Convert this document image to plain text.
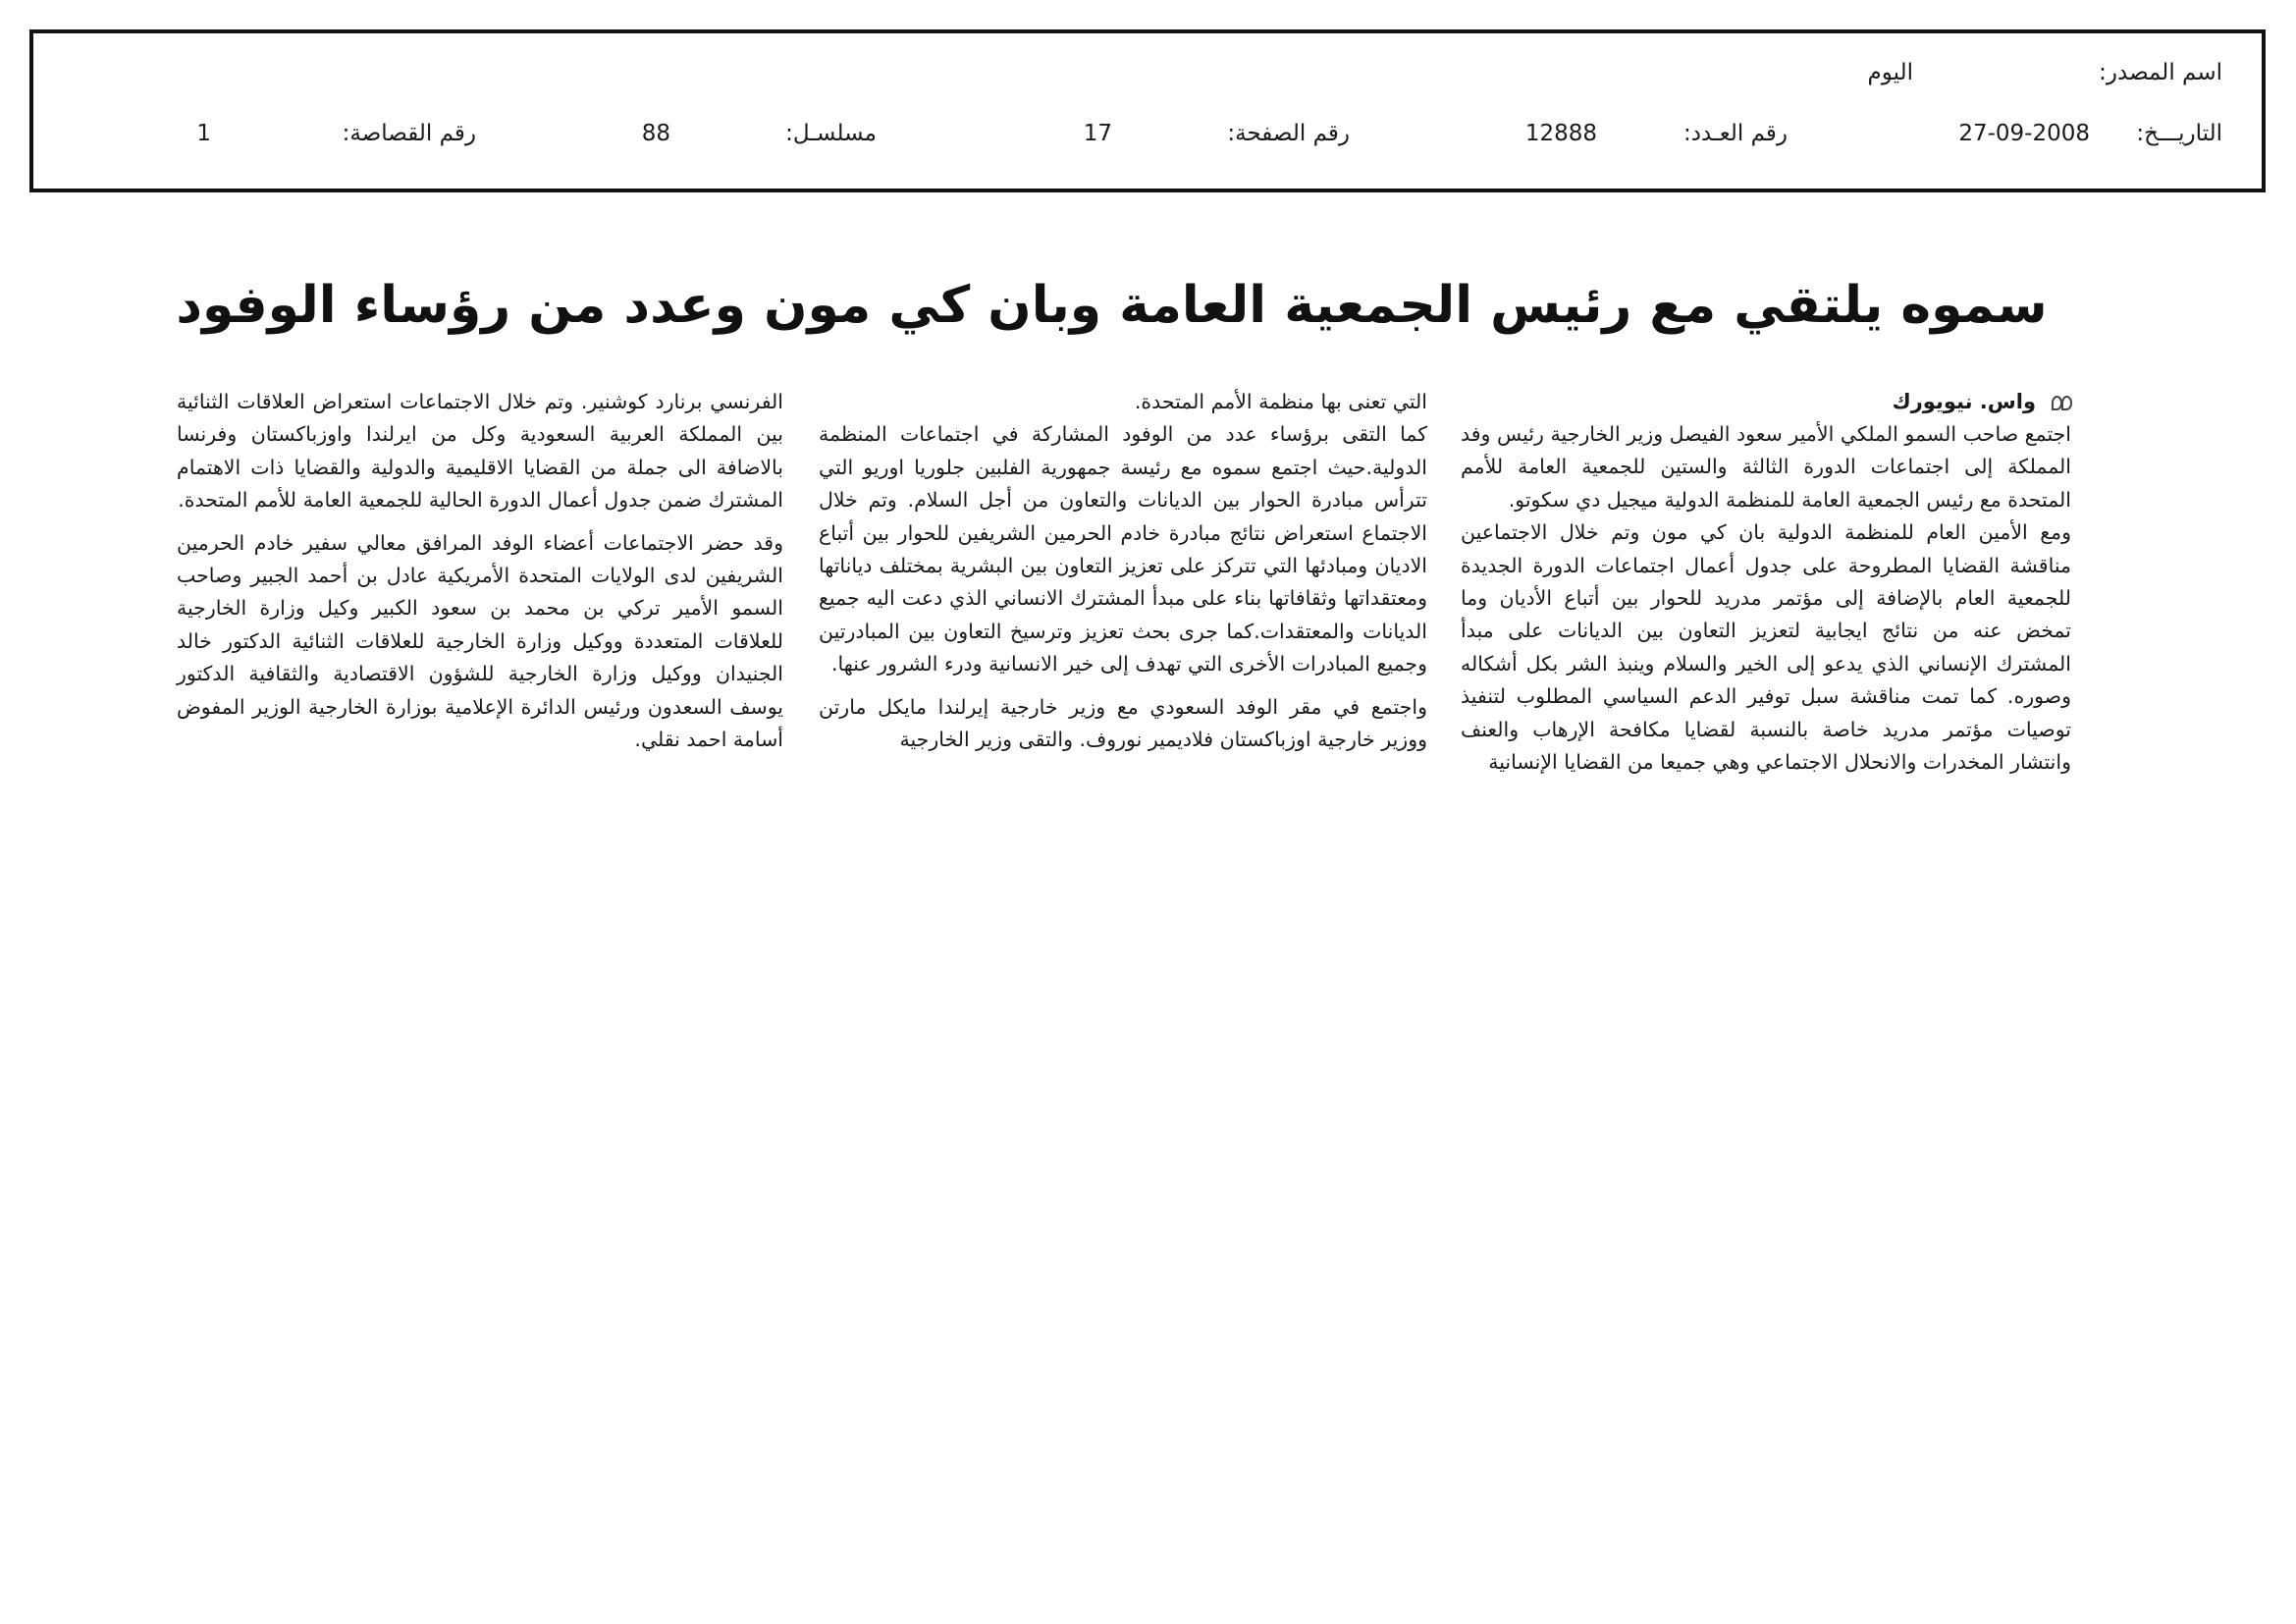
اسم المصدر:
اليوم
التاريـــخ:
27-09-2008
رقم العـدد:
12888
رقم الصفحة:
17
مسلسـل:
88
رقم القصاصة:
1
سموه يلتقي مع رئيس الجمعية العامة وبان كي مون وعدد من رؤساء الوفود
واس. نيويورك

اجتمع صاحب السمو الملكي الأمير سعود الفيصل وزير الخارجية رئيس وفد المملكة إلى اجتماعات الدورة الثالثة والستين للجمعية العامة للأمم المتحدة مع رئيس الجمعية العامة للمنظمة الدولية ميجيل دي سكوتو.

ومع الأمين العام للمنظمة الدولية بان كي مون وتم خلال الاجتماعين مناقشة القضايا المطروحة على جدول أعمال اجتماعات الدورة الجديدة للجمعية العام بالإضافة إلى مؤتمر مدريد للحوار بين أتباع الأديان وما تمخض عنه من نتائج ايجابية لتعزيز التعاون بين الديانات على مبدأ المشترك الإنساني الذي يدعو إلى الخير والسلام وينبذ الشر بكل أشكاله وصوره. كما تمت مناقشة سبل توفير الدعم السياسي المطلوب لتنفيذ توصيات مؤتمر مدريد خاصة بالنسبة لقضايا مكافحة الإرهاب والعنف وانتشار المخدرات والانحلال الاجتماعي وهي جميعا من القضايا الإنسانية

التي تعنى بها منظمة الأمم المتحدة.

كما التقى برؤساء عدد من الوفود المشاركة في اجتماعات المنظمة الدولية.حيث اجتمع سموه مع رئيسة جمهورية الفلبين جلوريا اوريو التي تترأس مبادرة الحوار بين الديانات والتعاون من أجل السلام. وتم خلال الاجتماع استعراض نتائج مبادرة خادم الحرمين الشريفين للحوار بين أتباع الاديان ومبادئها التي تتركز على تعزيز التعاون بين البشرية بمختلف دياناتها ومعتقداتها وثقافاتها بناء على مبدأ المشترك الانساني الذي دعت اليه جميع الديانات والمعتقدات.كما جرى بحث تعزيز وترسيخ التعاون بين المبادرتين وجميع المبادرات الأخرى التي تهدف إلى خير الانسانية ودرء الشرور عنها.

واجتمع في مقر الوفد السعودي مع وزير خارجية إيرلندا مايكل مارتن ووزير خارجية اوزباكستان فلاديمير نوروف. والتقى وزير الخارجية

الفرنسي برنارد كوشنير. وتم خلال الاجتماعات استعراض العلاقات الثنائية بين المملكة العربية السعودية وكل من ايرلندا واوزباكستان وفرنسا بالاضافة الى جملة من القضايا الاقليمية والدولية والقضايا ذات الاهتمام المشترك ضمن جدول أعمال الدورة الحالية للجمعية العامة للأمم المتحدة.

وقد حضر الاجتماعات أعضاء الوفد المرافق معالي سفير خادم الحرمين الشريفين لدى الولايات المتحدة الأمريكية عادل بن أحمد الجبير وصاحب السمو الأمير تركي بن محمد بن سعود الكبير وكيل وزارة الخارجية للعلاقات المتعددة ووكيل وزارة الخارجية للعلاقات الثنائية الدكتور خالد الجنيدان ووكيل وزارة الخارجية للشؤون الاقتصادية والثقافية الدكتور يوسف السعدون ورئيس الدائرة الإعلامية بوزارة الخارجية الوزير المفوض أسامة احمد نقلي.
